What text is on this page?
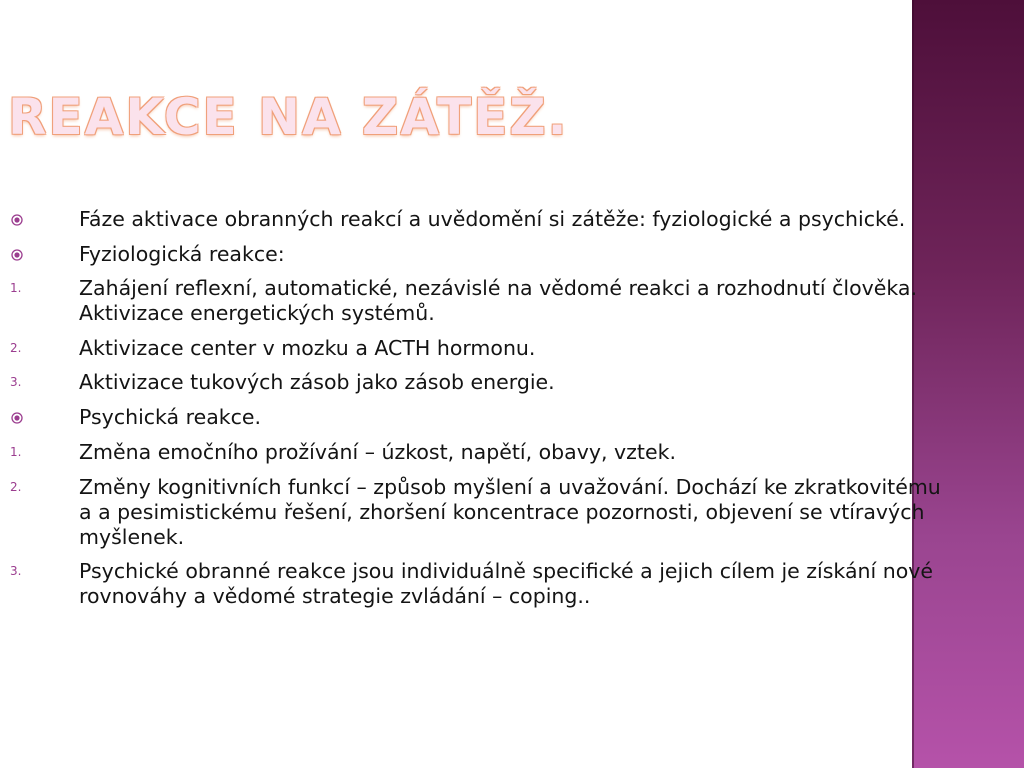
REAKCE NA ZÁTĚŽ.
Fáze aktivace obranných reakcí a uvědomění si zátěže: fyziologické a psychické.
Fyziologická reakce:
1.	Zahájení reflexní, automatické, nezávislé na vědomé reakci a rozhodnutí člověka. Aktivizace energetických systémů.
2.	Aktivizace center v mozku a ACTH hormonu.
3.	Aktivizace tukových zásob jako zásob energie.
Psychická reakce.
1.	Změna emočního prožívání – úzkost, napětí, obavy, vztek.
2.	Změny kognitivních funkcí – způsob myšlení a uvažování. Dochází ke zkratkovitému a a pesimistickému řešení, zhoršení koncentrace pozornosti, objevení se vtíravých myšlenek.
3.	Psychické obranné reakce jsou individuálně specifické a jejich cílem je získání nové rovnováhy a vědomé strategie zvládání – coping..
